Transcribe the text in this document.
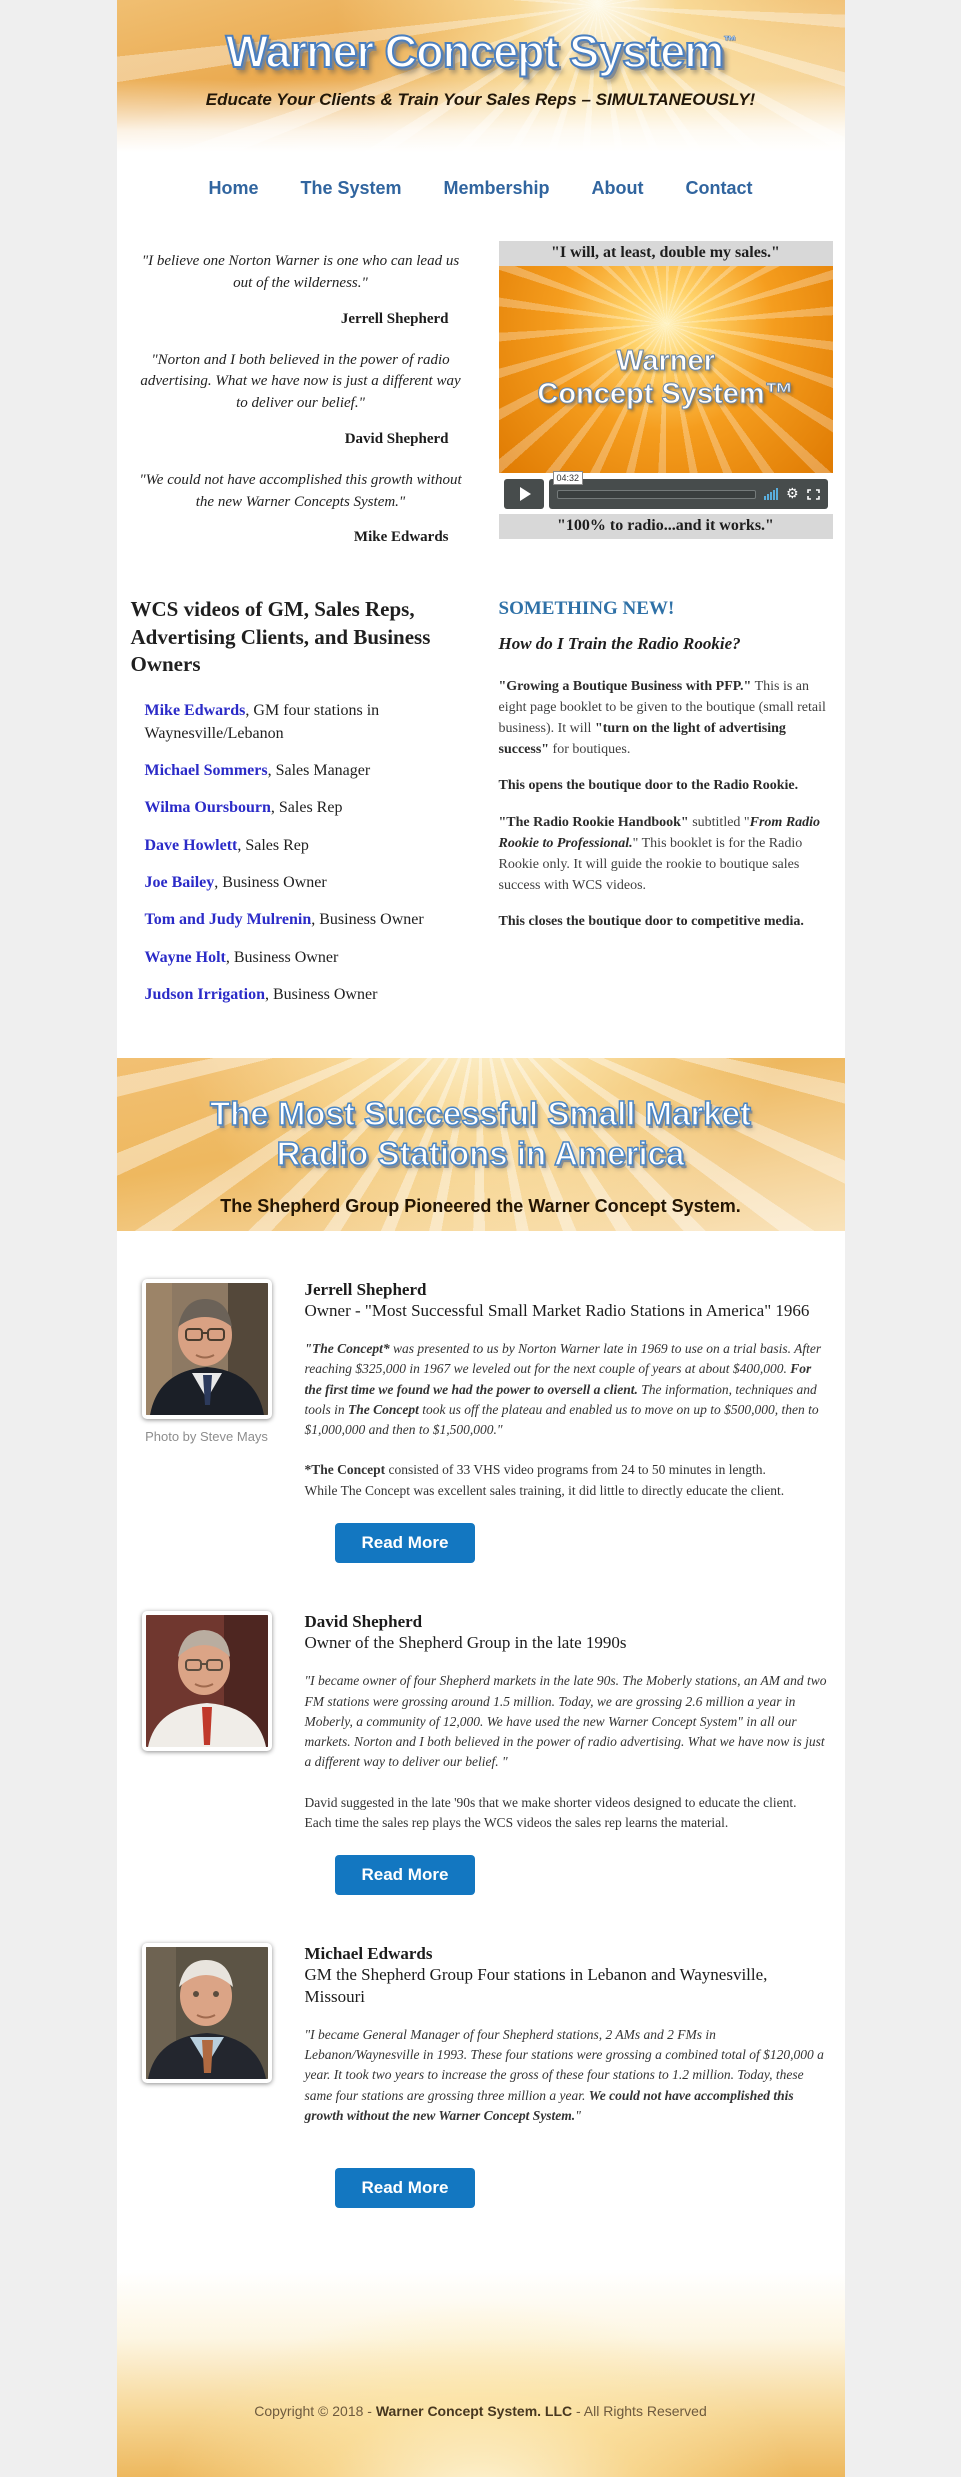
Warner Concept System™
Educate Your Clients & Train Your Sales Reps – SIMULTANEOUSLY!
Home The System Membership About Contact

"I believe one Norton Warner is one who can lead us out of the wilderness."

Jerrell Shepherd

"Norton and I both believed in the power of radio advertising. What we have now is just a different way to deliver our belief."

David Shepherd

"We could not have accomplished this growth without the new Warner Concepts System."

Mike Edwards
"I will, at least, double my sales."
Warner
Concept System™
04:32
⚙
"100% to radio...and it works."
WCS videos of GM, Sales Reps, Advertising Clients, and Business Owners
Mike Edwards, GM four stations in Waynesville/Lebanon
Michael Sommers, Sales Manager
Wilma Oursbourn, Sales Rep
Dave Howlett, Sales Rep
Joe Bailey, Business Owner
Tom and Judy Mulrenin, Business Owner
Wayne Holt, Business Owner
Judson Irrigation, Business Owner
SOMETHING NEW!
How do I Train the Radio Rookie?

"Growing a Boutique Business with PFP." This is an eight page booklet to be given to the boutique (small retail business). It will "turn on the light of advertising success" for boutiques.

This opens the boutique door to the Radio Rookie.

"The Radio Rookie Handbook" subtitled "From Radio Rookie to Professional." This booklet is for the Radio Rookie only. It will guide the rookie to boutique sales success with WCS videos.

This closes the boutique door to competitive media.

The Most Successful Small Market
Radio Stations in America
The Shepherd Group Pioneered the Warner Concept System.
Photo by Steve Mays
Jerrell Shepherd
Owner - "Most Successful Small Market Radio Stations in America" 1966

"The Concept* was presented to us by Norton Warner late in 1969 to use on a trial basis. After reaching $325,000 in 1967 we leveled out for the next couple of years at about $400,000. For the first time we found we had the power to oversell a client. The information, techniques and tools in The Concept took us off the plateau and enabled us to move on up to $500,000, then to $1,000,000 and then to $1,500,000."

*The Concept consisted of 33 VHS video programs from 24 to 50 minutes in length.
While The Concept was excellent sales training, it did little to directly educate the client.

Read More
David Shepherd
Owner of the Shepherd Group in the late 1990s

"I became owner of four Shepherd markets in the late 90s. The Moberly stations, an AM and two FM stations were grossing around 1.5 million. Today, we are grossing 2.6 million a year in Moberly, a community of 12,000. We have used the new Warner Concept System" in all our markets. Norton and I both believed in the power of radio advertising. What we have now is just a different way to deliver our belief. "

David suggested in the late '90s that we make shorter videos designed to educate the client.
Each time the sales rep plays the WCS videos the sales rep learns the material.

Read More
Michael Edwards
GM the Shepherd Group Four stations in Lebanon and Waynesville, Missouri

"I became General Manager of four Shepherd stations, 2 AMs and 2 FMs in Lebanon/Waynesville in 1993. These four stations were grossing a combined total of $120,000 a year. It took two years to increase the gross of these four stations to 1.2 million. Today, these same four stations are grossing three million a year. We could not have accomplished this growth without the new Warner Concept System."

Read More
Copyright © 2018 - Warner Concept System. LLC - All Rights Reserved
